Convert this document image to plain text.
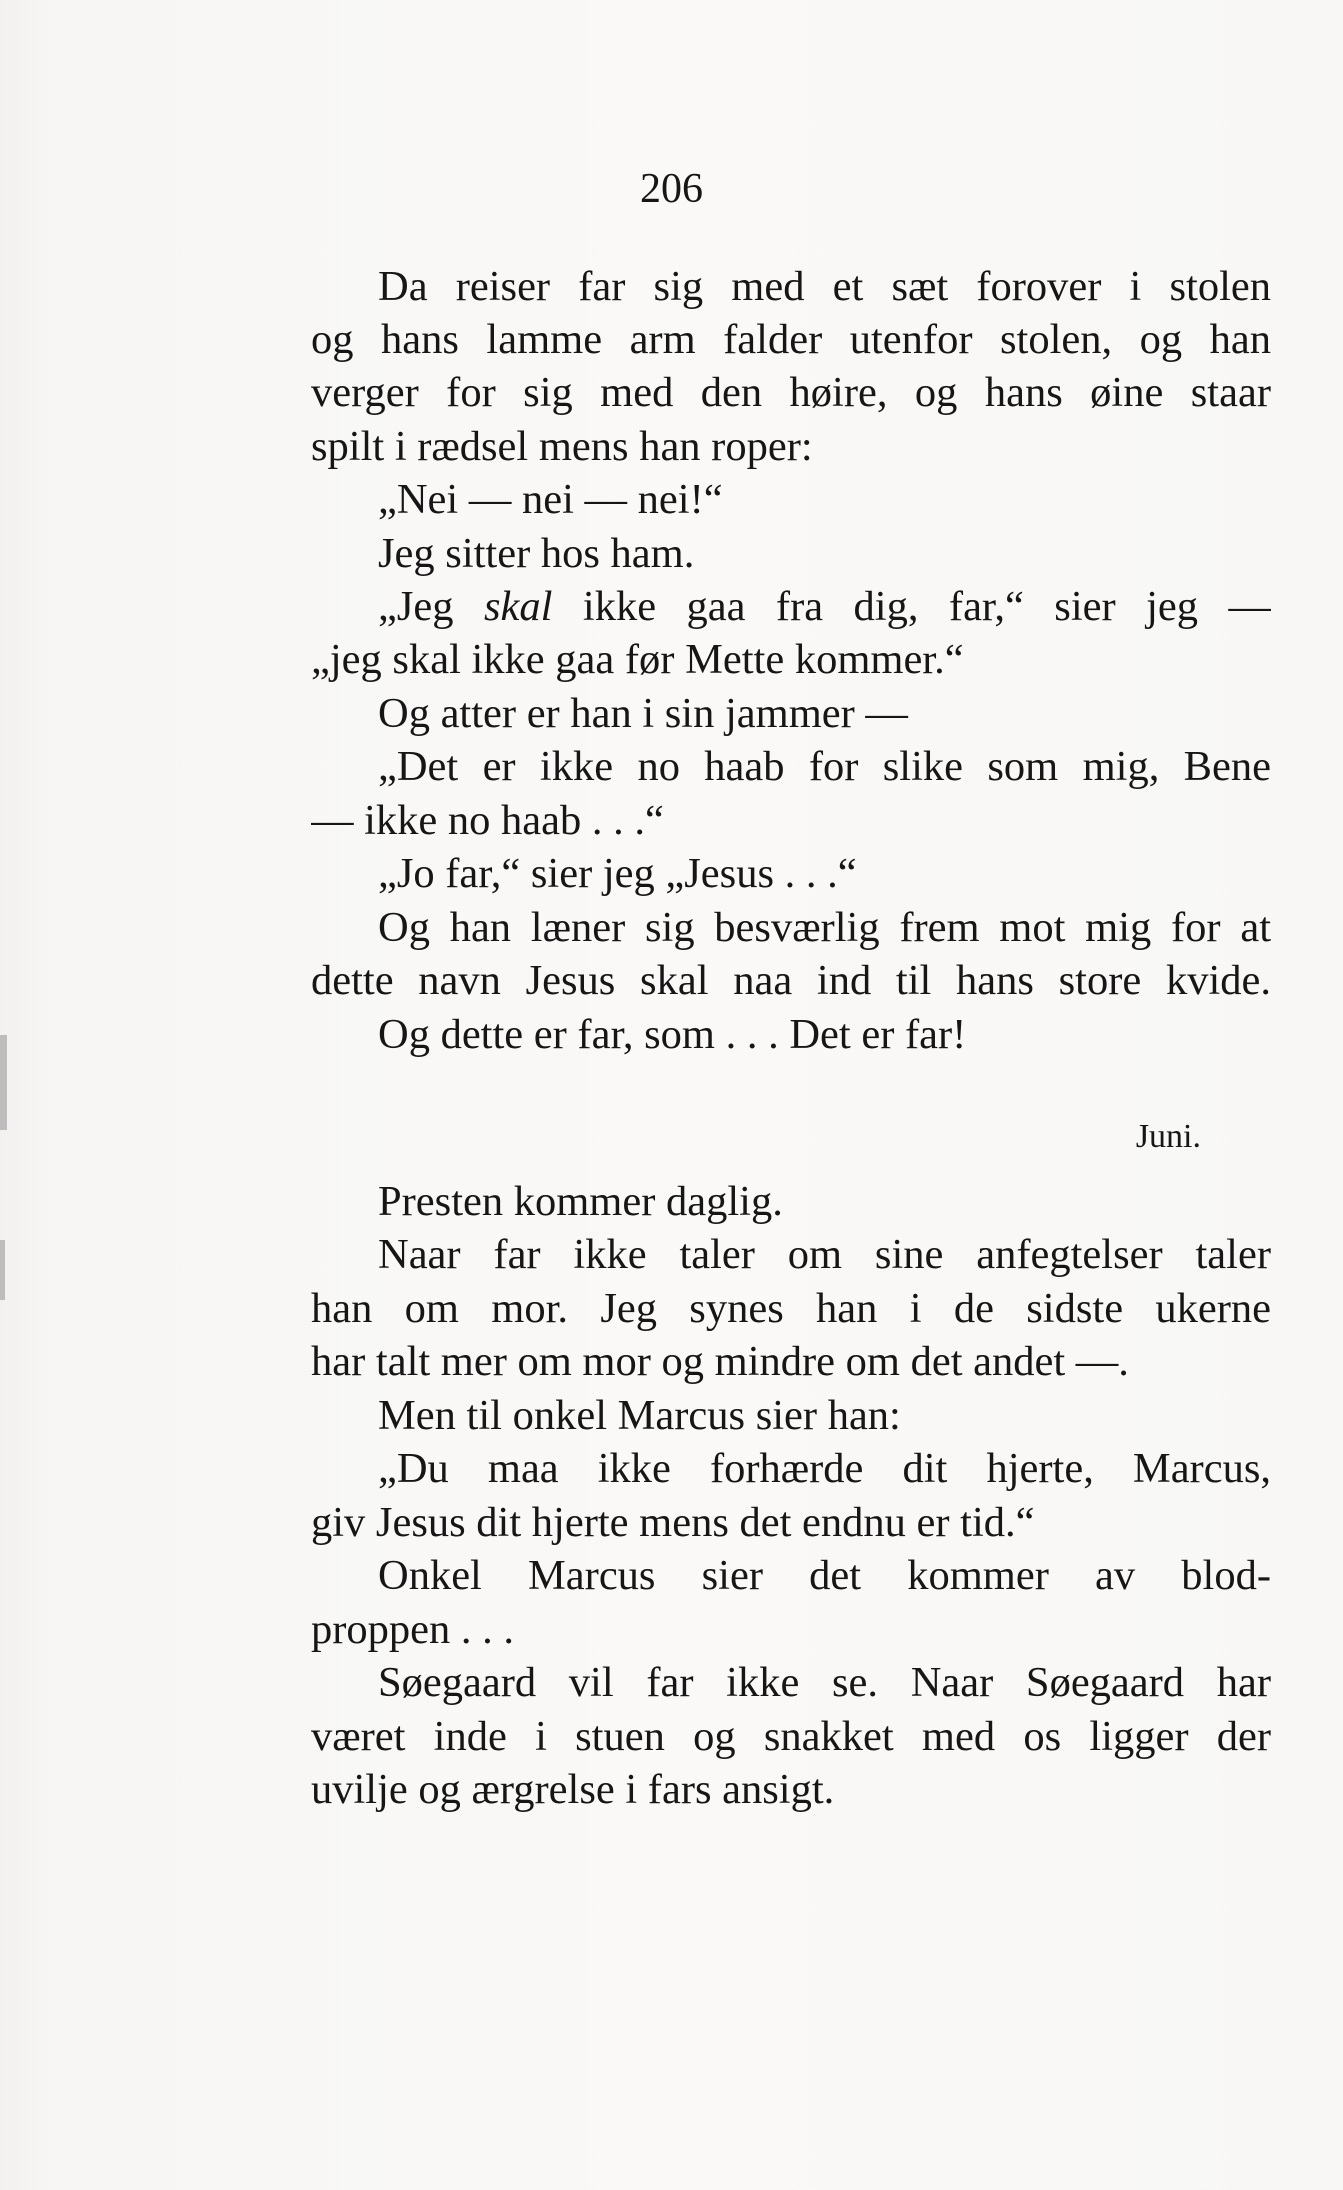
206
Da reiser far sig med et sæt forover i stolen
og hans lamme arm falder utenfor stolen, og han
verger for sig med den høire, og hans øine staar
spilt i rædsel mens han roper:
„Nei — nei — nei!“
Jeg sitter hos ham.
„Jeg skal ikke gaa fra dig, far,“ sier jeg —
„jeg skal ikke gaa før Mette kommer.“
Og atter er han i sin jammer —
„Det er ikke no haab for slike som mig, Bene
— ikke no haab . . .“
„Jo far,“ sier jeg „Jesus . . .“
Og han læner sig besværlig frem mot mig for at
dette navn Jesus skal naa ind til hans store kvide.
Og dette er far, som . . . Det er far!
Juni.
Presten kommer daglig.
Naar far ikke taler om sine anfegtelser taler
han om mor. Jeg synes han i de sidste ukerne
har talt mer om mor og mindre om det andet —.
Men til onkel Marcus sier han:
„Du maa ikke forhærde dit hjerte, Marcus,
giv Jesus dit hjerte mens det endnu er tid.“
Onkel Marcus sier det kommer av blod-
proppen . . .
Søegaard vil far ikke se. Naar Søegaard har
været inde i stuen og snakket med os ligger der
uvilje og ærgrelse i fars ansigt.
